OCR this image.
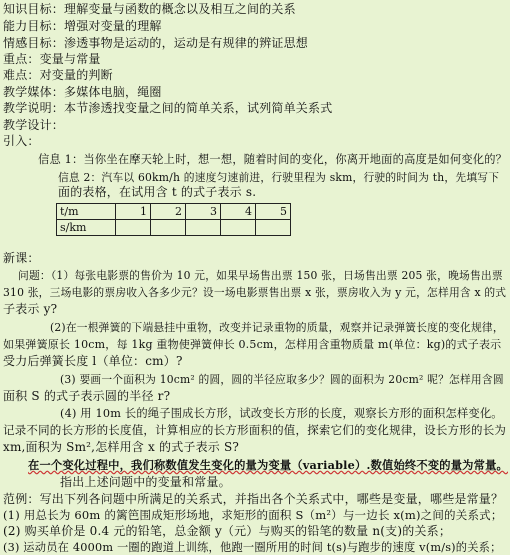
知识目标：理解变量与函数的概念以及相互之间的关系
能力目标：增强对变量的理解
情感目标：渗透事物是运动的，运动是有规律的辨证思想
重点：变量与常量
难点：对变量的判断
教学媒体：多媒体电脑，绳圈
教学说明：本节渗透找变量之间的简单关系，试列简单关系式
教学设计：
引入：
信息 1：当你坐在摩天轮上时，想一想，随着时间的变化，你离开地面的高度是如何变化的？
信息 2：汽车以 60km/h 的速度匀速前进，行驶里程为 skm，行驶的时间为 th，先填写下
面的表格，在试用含 t 的式子表示 s.
t/m	1	2	3	4	5
s/km					
新课：
问题：（1）每张电影票的售价为 10 元，如果早场售出票 150 张，日场售出票 205 张，晚场售出票
310 张，三场电影的票房收入各多少元？设一场电影票售出票 x 张，票房收入为 y 元，怎样用含 x 的式
子表示 y?
(2)在一根弹簧的下端悬挂中重物，改变并记录重物的质量，观察并记录弹簧长度的变化规律，
如果弹簧原长 10cm，每 1kg 重物使弹簧伸长 0.5cm，怎样用含重物质量 m(单位：kg)的式子表示
受力后弹簧长度 l（单位：cm）?
(3) 要画一个面积为 10cm² 的圆，圆的半径应取多少？圆的面积为 20cm² 呢？怎样用含圆
面积 S 的式子表示圆的半径 r?
(4) 用 10m 长的绳子围成长方形，试改变长方形的长度，观察长方形的面积怎样变化。
记录不同的长方形的长度值，计算相应的长方形面积的值，探索它们的变化规律，设长方形的长为
xm,面积为 Sm²,怎样用含 x 的式子表示 S?
在一个变化过程中，我们称数值发生变化的量为变量（variable）.数值始终不变的量为常量。
指出上述问题中的变量和常量。
范例：写出下列各问题中所满足的关系式，并指出各个关系式中，哪些是变量，哪些是常量？
(1) 用总长为 60m 的篱笆围成矩形场地，求矩形的面积 S（m²）与一边长 x(m)之间的关系式；
(2) 购买单价是 0.4 元的铅笔，总金额 y（元）与购买的铅笔的数量 n(支)的关系；
(3) 运动员在 4000m 一圈的跑道上训练，他跑一圈所用的时间 t(s)与跑步的速度 v(m/s)的关系；
